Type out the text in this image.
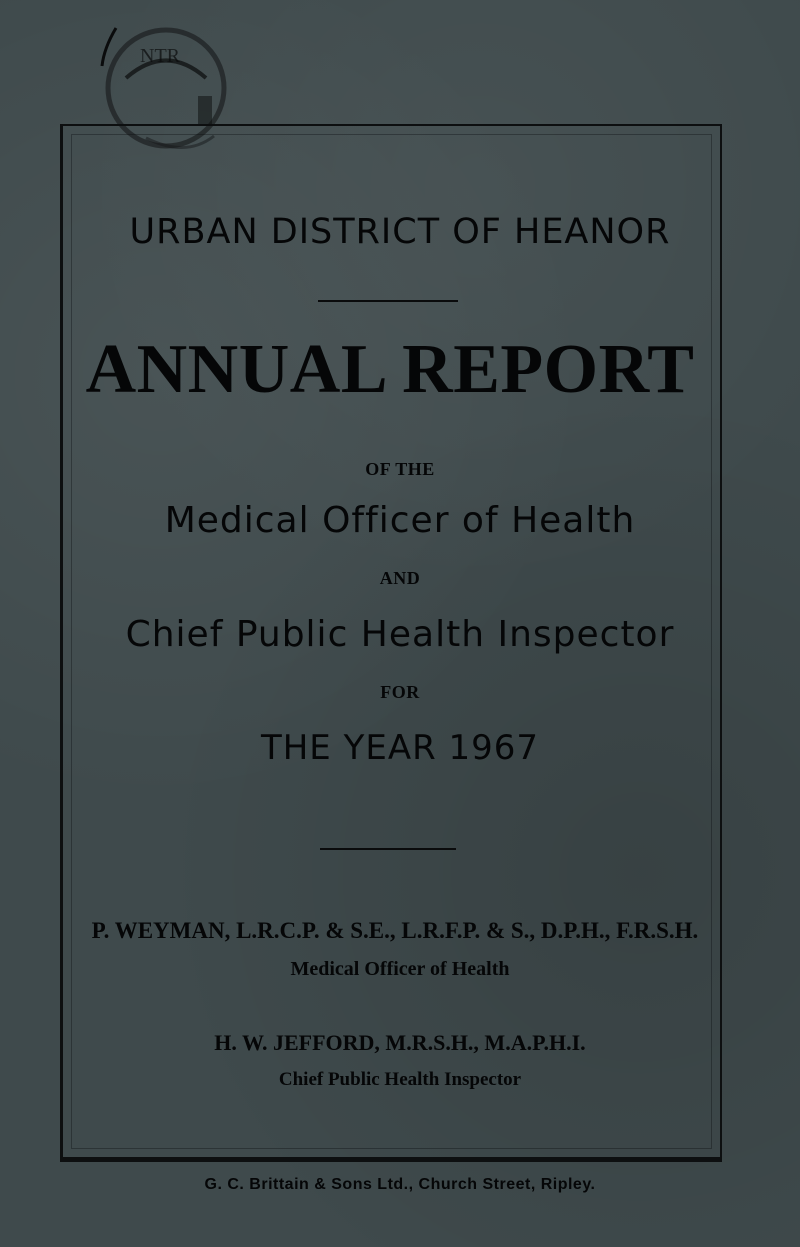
NTR
URBAN DISTRICT OF HEANOR
ANNUAL REPORT
OF THE
Medical Officer of Health
AND
Chief Public Health Inspector
FOR
THE YEAR 1967
P. WEYMAN, L.R.C.P. & S.E., L.R.F.P. & S., D.P.H., F.R.S.H.
Medical Officer of Health
H. W. JEFFORD, M.R.S.H., M.A.P.H.I.
Chief Public Health Inspector
G. C. Brittain & Sons Ltd., Church Street, Ripley.
